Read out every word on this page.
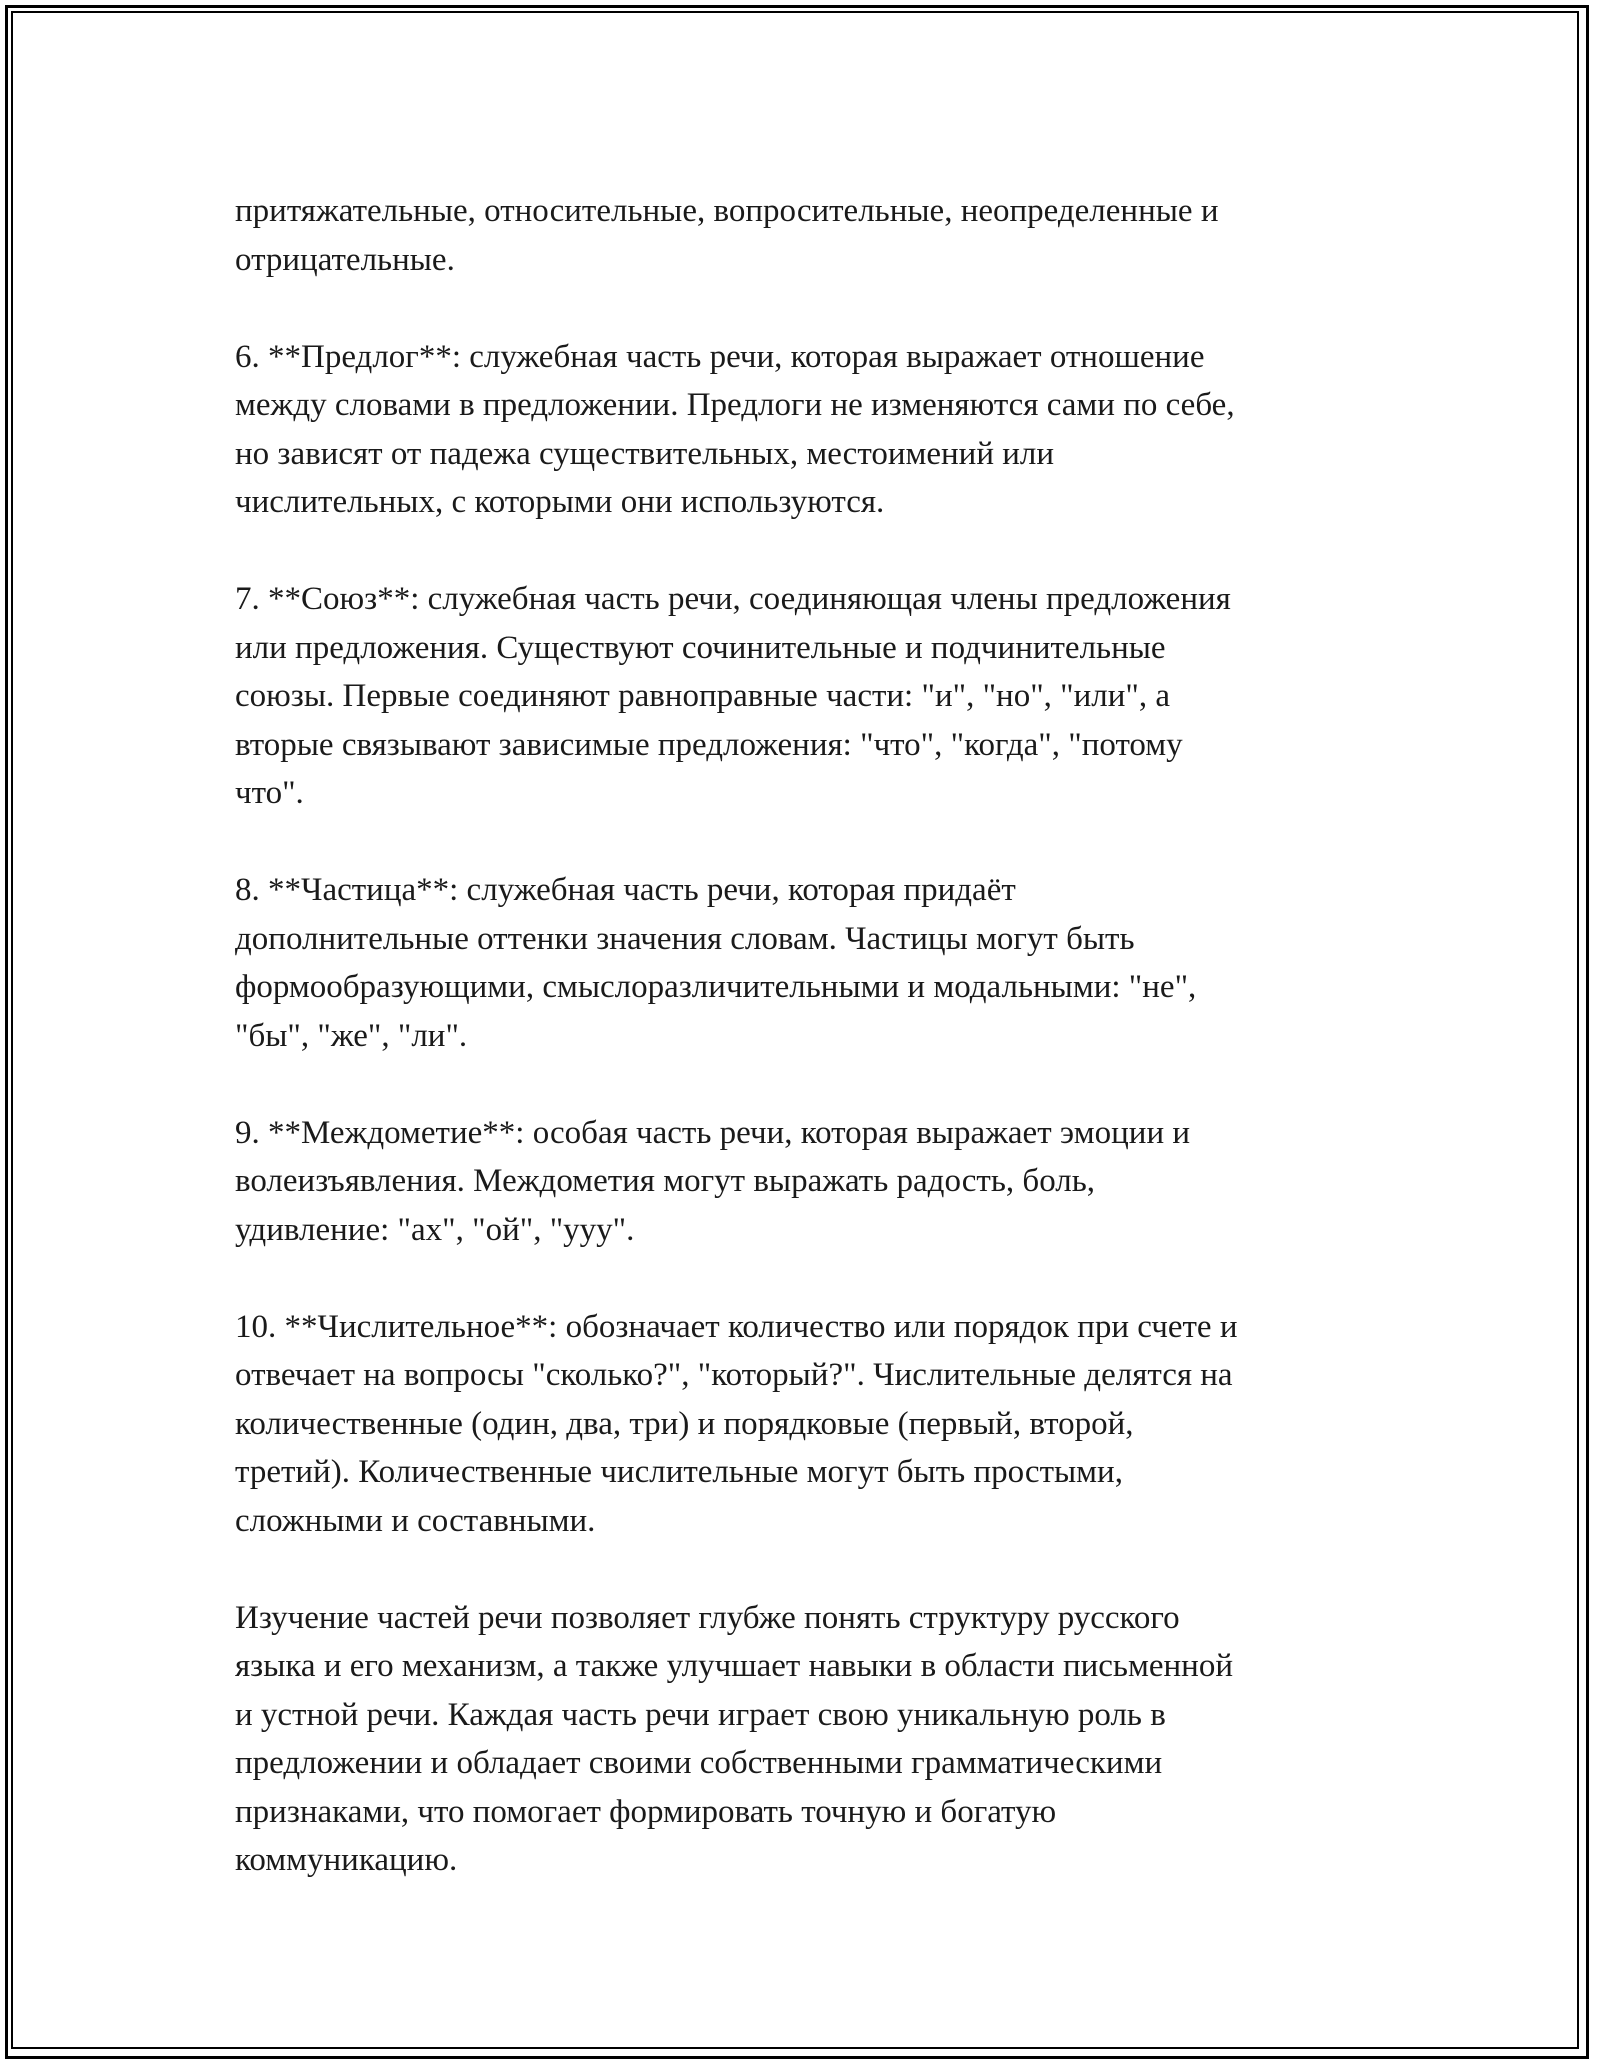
притяжательные, относительные, вопросительные, неопределенные и
отрицательные.

6. **Предлог**: служебная часть речи, которая выражает отношение
между словами в предложении. Предлоги не изменяются сами по себе,
но зависят от падежа существительных, местоимений или
числительных, с которыми они используются.

7. **Союз**: служебная часть речи, соединяющая члены предложения
или предложения. Существуют сочинительные и подчинительные
союзы. Первые соединяют равноправные части: "и", "но", "или", а
вторые связывают зависимые предложения: "что", "когда", "потому
что".

8. **Частица**: служебная часть речи, которая придаёт
дополнительные оттенки значения словам. Частицы могут быть
формообразующими, смыслоразличительными и модальными: "не",
"бы", "же", "ли".

9. **Междометие**: особая часть речи, которая выражает эмоции и
волеизъявления. Междометия могут выражать радость, боль,
удивление: "ах", "ой", "ууу".

10. **Числительное**: обозначает количество или порядок при счете и
отвечает на вопросы "сколько?", "который?". Числительные делятся на
количественные (один, два, три) и порядковые (первый, второй,
третий). Количественные числительные могут быть простыми,
сложными и составными.

Изучение частей речи позволяет глубже понять структуру русского
языка и его механизм, а также улучшает навыки в области письменной
и устной речи. Каждая часть речи играет свою уникальную роль в
предложении и обладает своими собственными грамматическими
признаками, что помогает формировать точную и богатую
коммуникацию.
